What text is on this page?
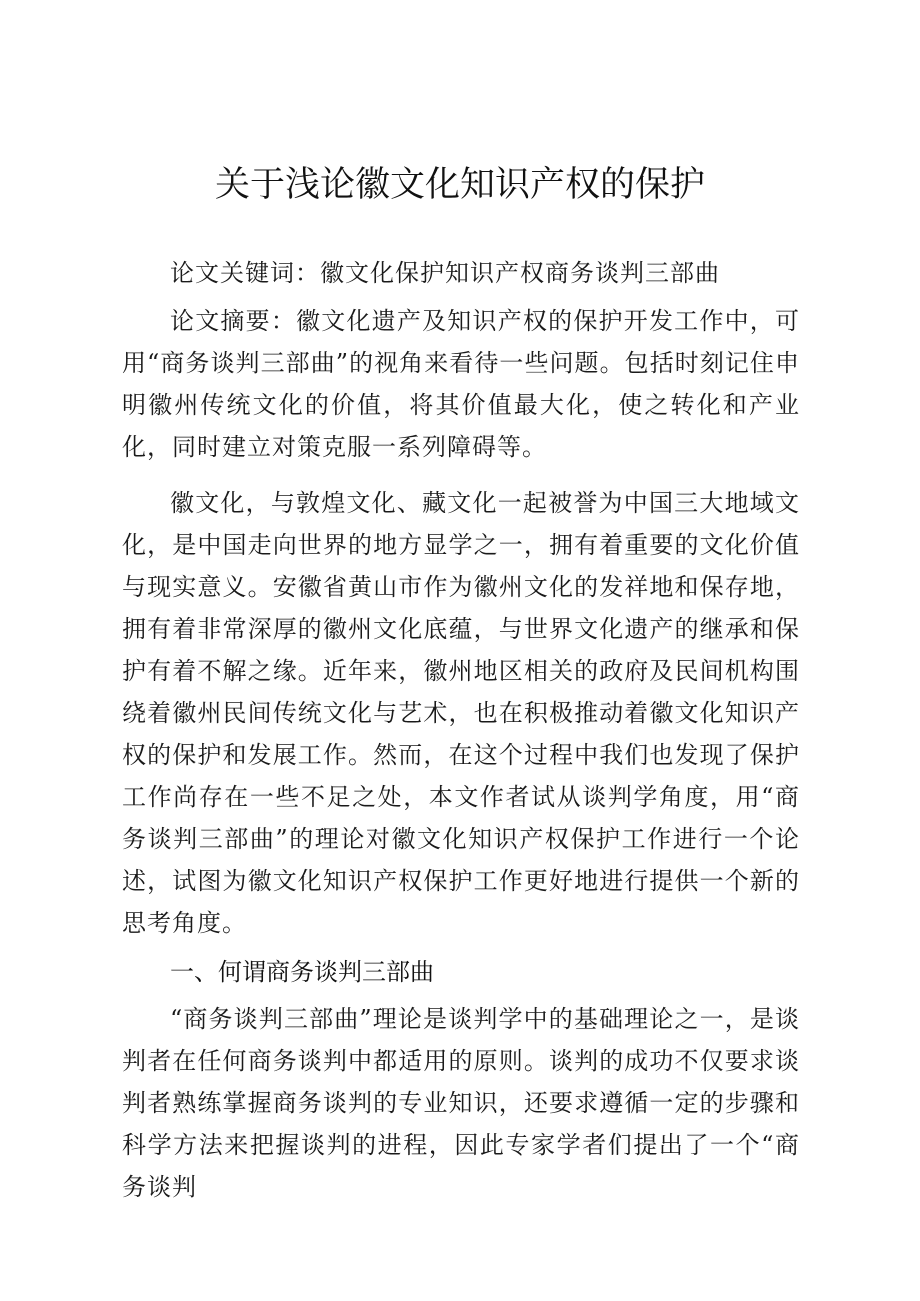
关于浅论徽文化知识产权的保护

论文关键词：徽文化保护知识产权商务谈判三部曲

论文摘要：徽文化遗产及知识产权的保护开发工作中，可用“商务谈判三部曲”的视角来看待一些问题。包括时刻记住申明徽州传统文化的价值，将其价值最大化，使之转化和产业化，同时建立对策克服一系列障碍等。

徽文化，与敦煌文化、藏文化一起被誉为中国三大地域文化，是中国走向世界的地方显学之一，拥有着重要的文化价值与现实意义。安徽省黄山市作为徽州文化的发祥地和保存地，拥有着非常深厚的徽州文化底蕴，与世界文化遗产的继承和保护有着不解之缘。近年来，徽州地区相关的政府及民间机构围绕着徽州民间传统文化与艺术，也在积极推动着徽文化知识产权的保护和发展工作。然而，在这个过程中我们也发现了保护工作尚存在一些不足之处，本文作者试从谈判学角度，用“商务谈判三部曲”的理论对徽文化知识产权保护工作进行一个论述，试图为徽文化知识产权保护工作更好地进行提供一个新的思考角度。

一、何谓商务谈判三部曲

“商务谈判三部曲”理论是谈判学中的基础理论之一，是谈判者在任何商务谈判中都适用的原则。谈判的成功不仅要求谈判者熟练掌握商务谈判的专业知识，还要求遵循一定的步骤和科学方法来把握谈判的进程，因此专家学者们提出了一个“商务谈判
